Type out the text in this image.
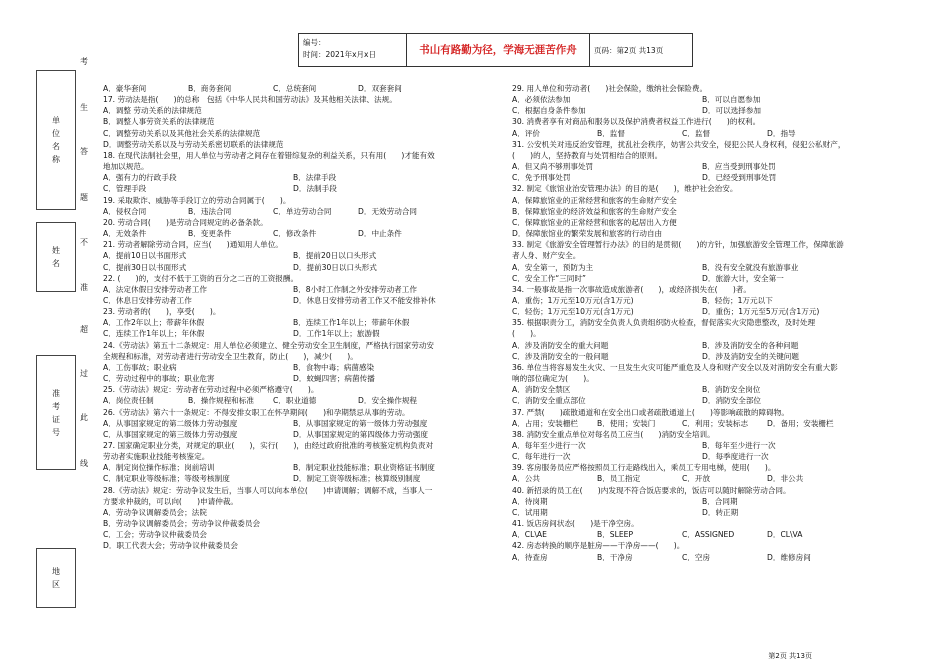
编号：
时间：2021年x月x日	书山有路勤为径，学海无涯苦作舟	页码：第2页 共13页
单
位
名
称
姓
名
准
考
证
号
地
区
考
生
答
题
不
准
超
过
此
线

A．豪华套间	B．商务套间	C．总统套间	D．双套套间

17. 劳动法是指(　　)的总称　包括《中华人民共和国劳动法》及其他相关法律、法规。

A．调整 劳动关系的法律规范

B．调整人事劳资关系的法律规范

C．调整劳动关系以及其他社会关系的法律规范

D．调整劳动关系以及与劳动关系密切联系的法律规范

18. 在现代法制社会里，用人单位与劳动者之间存在着错综复杂的利益关系，只有用(　　)才能有效

地加以规范。

A．强有力的行政手段	B．法律手段

C．管理手段	D．法制手段

19. 采取欺诈、威胁等手段订立的劳动合同属于(　　)。

A．侵权合同	B．违法合同	C．单边劳动合同	D．无效劳动合同

20. 劳动合同(　　)是劳动合同规定的必备条款。

A．无效条件	B．变更条件	C．修改条件	D．中止条件

21. 劳动者解除劳动合同，应当(　　)通知用人单位。

A．提前10日以书面形式	B．提前20日以口头形式

C．提前30日以书面形式	D．提前30日以口头形式

22. (　　)的，支付不低于工资的百分之二百的工资报酬。

A．法定休假日安排劳动者工作	B．8小时工作制之外安排劳动者工作

C．休息日安排劳动者工作	D．休息日安排劳动者工作又不能安排补休

23. 劳动者的(　　)，享受(　　)。

A．工作2年以上；带薪年休假	B．连续工作1年以上；带薪年休假

C．连续工作1年以上；年休假	D．工作1年以上；旅游假

24.《劳动法》第五十二条规定：用人单位必须建立、健全劳动安全卫生制度，严格执行国家劳动安

全规程和标准，对劳动者进行劳动安全卫生教育，防止(　　)，减少(　　)。

A．工伤事故；职业病	B．食物中毒；病菌感染

C．劳动过程中的事故；职业危害	D．蚊蝇四害；病菌传播

25.《劳动法》规定：劳动者在劳动过程中必须严格遵守(　　)。

A．岗位责任制	B．操作规程和标准	C．职业道德	D．安全操作规程

26.《劳动法》第六十一条规定：不得安排女职工在怀孕期间(　　)和孕期禁忌从事的劳动。

A．从事国家规定的第二级体力劳动强度	B．从事国家规定的第一级体力劳动强度

C．从事国家规定的第三级体力劳动强度	D．从事国家规定的第四级体力劳动强度

27. 国家确定职业分类，对规定的职业(　　)，实行(　　)，由经过政府批准的考核鉴定机构负责对

劳动者实施职业技能考核鉴定。

A．制定岗位操作标准；岗前培训	B．制定职业技能标准；职业资格证书制度

C．制定职业等级标准；等级考核制度	D．制定工资等级标准；核算级别制度

28.《劳动法》规定：劳动争议发生后，当事人可以向本单位(　　)申请调解；调解不成，当事人一

方要求仲裁的，可以向(　　)申请仲裁。

A．劳动争议调解委员会；法院

B．劳动争议调解委员会；劳动争议仲裁委员会

C．工会；劳动争议仲裁委员会

D．职工代表大会；劳动争议仲裁委员会

29. 用人单位和劳动者(　　)社会保险，缴纳社会保险费。

A．必须依法参加	B．可以自愿参加

C．根据自身条件参加	D．可以选择参加

30. 消费者享有对商品和服务以及保护消费者权益工作进行(　　)的权利。

A．评价	B．监督	C．监督	D．指导

31. 公安机关对违反治安管理，扰乱社会秩序，妨害公共安全，侵犯公民人身权利，侵犯公私财产，

(　　)的人，坚持教育与处罚相结合的原则。

A．但又尚不够刑事处罚	B．应当受到刑事处罚

C．免予刑事处罚	D．已经受到刑事处罚

32. 制定《旅馆业治安管理办法》的目的是(　　)，维护社会治安。

A．保障旅馆业的正常经营和旅客的生命财产安全

B．保障旅馆业的经济效益和旅客的生命财产安全

C．保障旅馆业的正常经营和旅客的起居出入方便

D．保障旅馆业的繁荣发展和旅客的行动自由

33. 制定《旅游安全管理暂行办法》的目的是贯彻(　　)的方针，加强旅游安全管理工作，保障旅游

者人身、财产安全。

A．安全第一，预防为主	B．没有安全就没有旅游事业

C．安全工作“三同时”	D．旅游大计，安全第一

34. 一般事故是指一次事故造成旅游者(　　)，或经济损失在(　　)者。

A．重伤；1万元至10万元(含1万元)	B．轻伤；1万元以下

C．轻伤；1万元至10万元(含1万元)	D．重伤；1万元至5万元(含1万元)

35. 根据职责分工，消防安全负责人负责组织防火检查，督促落实火灾隐患整改，及时处理

(　　)。

A．涉及消防安全的重大问题	B．涉及消防安全的各种问题

C．涉及消防安全的一般问题	D．涉及消防安全的关键问题

36. 单位当将容易发生火灾、一旦发生火灾可能严重危及人身和财产安全以及对消防安全有重大影

响的部位确定为(　　)。

A．消防安全禁区	B．消防安全岗位

C．消防安全重点部位	D．消防安全部位

37. 严禁(　　)疏散通道和在安全出口或者疏散通道上(　　)等影响疏散的障碍物。

A．占用；安装栅栏	B．使用；安装门	C．利用；安装标志	D．备用；安装栅栏

38. 消防安全重点单位对每名员工应当(　　)消防安全培训。

A．每年至少进行一次	B．每年至少进行一次

C．每年进行一次	D．每季度进行一次

39. 客房服务员应严格按照员工行走路线出入，乘员工专用电梯，使用(　　)。

A．公共	B．员工指定	C．开放	D．非公共

40. 新招录的员工在(　　)内发现不符合饭店要求的，饭店可以随时解除劳动合同。

A．待岗期	B．合同期

C．试用期	D．转正期

41. 饭店房间状态(　　)是干净空房。

A．CL\AE	B．SLEEP	C．ASSIGNED	D．CL\VA

42. 房态转换的顺序是脏房——干净房——(　　)。

A．待查房	B．干净房	C．空房	D．维修房间

第2页 共13页
